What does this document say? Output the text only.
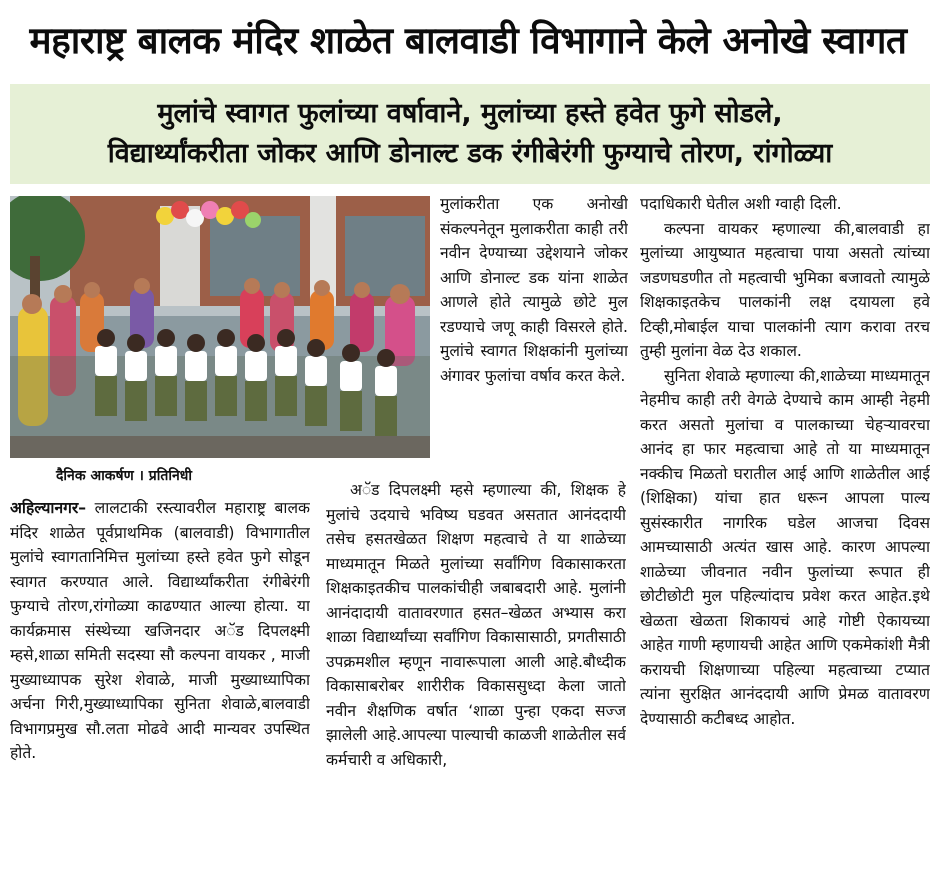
महाराष्ट्र बालक मंदिर शाळेत बालवाडी विभागाने केले अनोखे स्वागत
मुलांचे स्वागत फुलांच्या वर्षावाने, मुलांच्या हस्ते हवेत फुगे सोडले,
विद्यार्थ्यांकरीता जोकर आणि डोनाल्ट डक रंगीबेरंगी फुग्याचे तोरण, रांगोळ्या
दैनिक आकर्षण । प्रतिनिधी

अहिल्यानगर– लालटाकी रस्त्यावरील महाराष्ट्र बालक मंदिर शाळेत पूर्वप्राथमिक (बालवाडी) विभागातील मुलांचे स्वागतानिमित्त मुलांच्या हस्ते हवेत फुगे सोडून स्वागत करण्यात आले. विद्यार्थ्यांकरीता रंगीबेरंगी फुग्याचे तोरण,रांगोळ्या काढण्यात आल्या होत्या. या कार्यक्रमास संस्थेच्या खजिनदार अॅड दिपलक्ष्मी म्हसे,शाळा समिती सदस्या सौ कल्पना वायकर , माजी मुख्याध्यापक सुरेश शेवाळे, माजी मुख्याध्यापिका अर्चना गिरी,मुख्याध्यापिका सुनिता शेवाळे,बालवाडी विभागप्रमुख सौ.लता मोढवे आदी मान्यवर उपस्थित होते.

मुलांकरीता एक अनोखी संकल्पनेतून मुलाकरीता काही तरी नवीन देण्याच्या उद्देशयाने जोकर आणि डोनाल्ट डक यांना शाळेत आणले होते त्यामुळे छोटे मुल रडण्याचे जणू काही विसरले होते. मुलांचे स्वागत शिक्षकांनी मुलांच्या अंगावर फुलांचा वर्षाव करत केले.

अॅड दिपलक्ष्मी म्हसे म्हणाल्या की, शिक्षक हे मुलांचे उदयाचे भविष्य घडवत असतात आनंददायी तसेच हसतखेळत शिक्षण महत्वाचे ते या शाळेच्या माध्यमातून मिळते मुलांच्या सर्वांगिण विकासाकरता शिक्षकाइतकीच पालकांचीही जबाबदारी आहे. मुलांनी आनंदादायी वातावरणात हसत–खेळत अभ्यास करा शाळा विद्यार्थ्यांच्या सर्वांगिण विकासासाठी, प्रगतीसाठी उपक्रमशील म्हणून नावारूपाला आली आहे.बौध्दीक विकासाबरोबर शारीरीक विकाससुध्दा केला जातो नवीन शैक्षणिक वर्षात ‘शाळा पुन्हा एकदा सज्ज झालेली आहे.आपल्या पाल्याची काळजी शाळेतील सर्व कर्मचारी व अधिकारी,

पदाधिकारी घेतील अशी ग्वाही दिली.

कल्पना वायकर म्हणाल्या की,बालवाडी हा मुलांच्या आयुष्यात महत्वाचा पाया असतो त्यांच्या जडणघडणीत तो महत्वाची भुमिका बजावतो त्यामुळे शिक्षकाइतकेच पालकांनी लक्ष दयायला हवे टिव्ही,मोबाईल याचा पालकांनी त्याग करावा तरच तुम्ही मुलांना वेळ देउ शकाल.

सुनिता शेवाळे म्हणाल्या की,शाळेच्या माध्यमातून नेहमीच काही तरी वेगळे देण्याचे काम आम्ही नेहमी करत असतो मुलांचा व पालकाच्या चेहऱ्यावरचा आनंद हा फार महत्वाचा आहे तो या माध्यमातून नक्कीच मिळतो घरातील आई आणि शाळेतील आई (शिक्षिका) यांचा हात धरून आपला पाल्य सुसंस्कारीत नागरिक घडेल आजचा दिवस आमच्यासाठी अत्यंत खास आहे. कारण आपल्या शाळेच्या जीवनात नवीन फुलांच्या रूपात ही छोटीछोटी मुल पहिल्यांदाच प्रवेश करत आहेत.इथे खेळता खेळता शिकायचं आहे गोष्टी ऐकायच्या आहेत गाणी म्हणायची आहेत आणि एकमेकांशी मैत्री करायची शिक्षणाच्या पहिल्या महत्वाच्या टप्यात त्यांना सुरक्षित आनंददायी आणि प्रेमळ वातावरण देण्यासाठी कटीबध्द आहोत.
